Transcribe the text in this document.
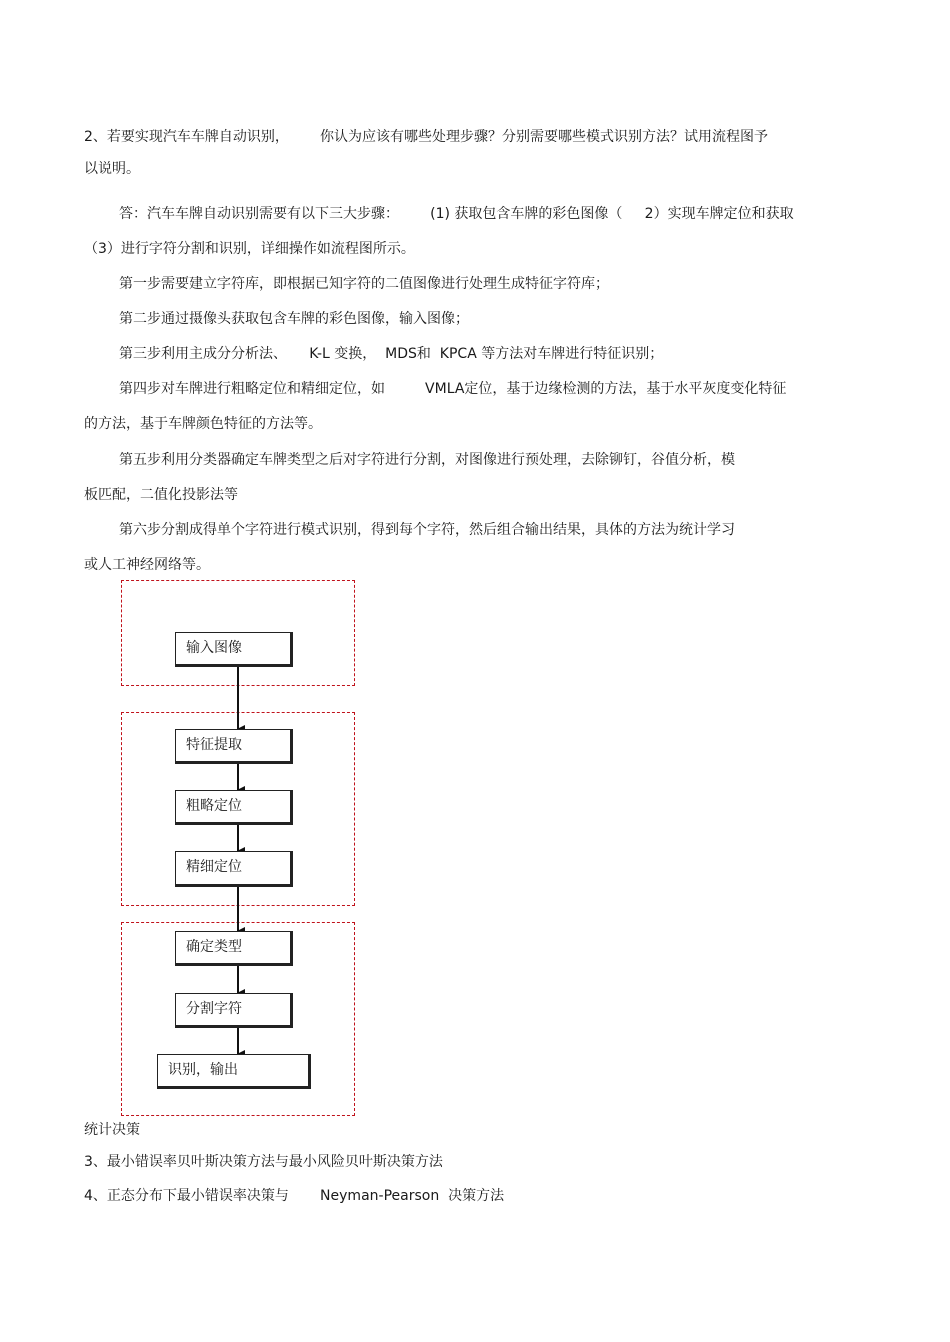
2、若要实现汽车车牌自动识别，       你认为应该有哪些处理步骤？分别需要哪些模式识别方法？试用流程图予
以说明。
答：汽车车牌自动识别需要有以下三大步骤：       (1) 获取包含车牌的彩色图像（     2）实现车牌定位和获取
（3）进行字符分割和识别，详细操作如流程图所示。
第一步需要建立字符库，即根据已知字符的二值图像进行处理生成特征字符库；
第二步通过摄像头获取包含车牌的彩色图像，输入图像；
第三步利用主成分分析法、     K-L 变换，  MDS和  KPCA 等方法对车牌进行特征识别；
第四步对车牌进行粗略定位和精细定位，如         VMLA定位，基于边缘检测的方法，基于水平灰度变化特征
的方法，基于车牌颜色特征的方法等。
第五步利用分类器确定车牌类型之后对字符进行分割，对图像进行预处理，去除铆钉，谷值分析，模
板匹配，二值化投影法等
第六步分割成得单个字符进行模式识别，得到每个字符，然后组合输出结果，具体的方法为统计学习
或人工神经网络等。
输入图像
特征提取
粗略定位
精细定位
确定类型
分割字符
识别，输出
统计决策
3、最小错误率贝叶斯决策方法与最小风险贝叶斯决策方法
4、正态分布下最小错误率决策与       Neyman-Pearson  决策方法
